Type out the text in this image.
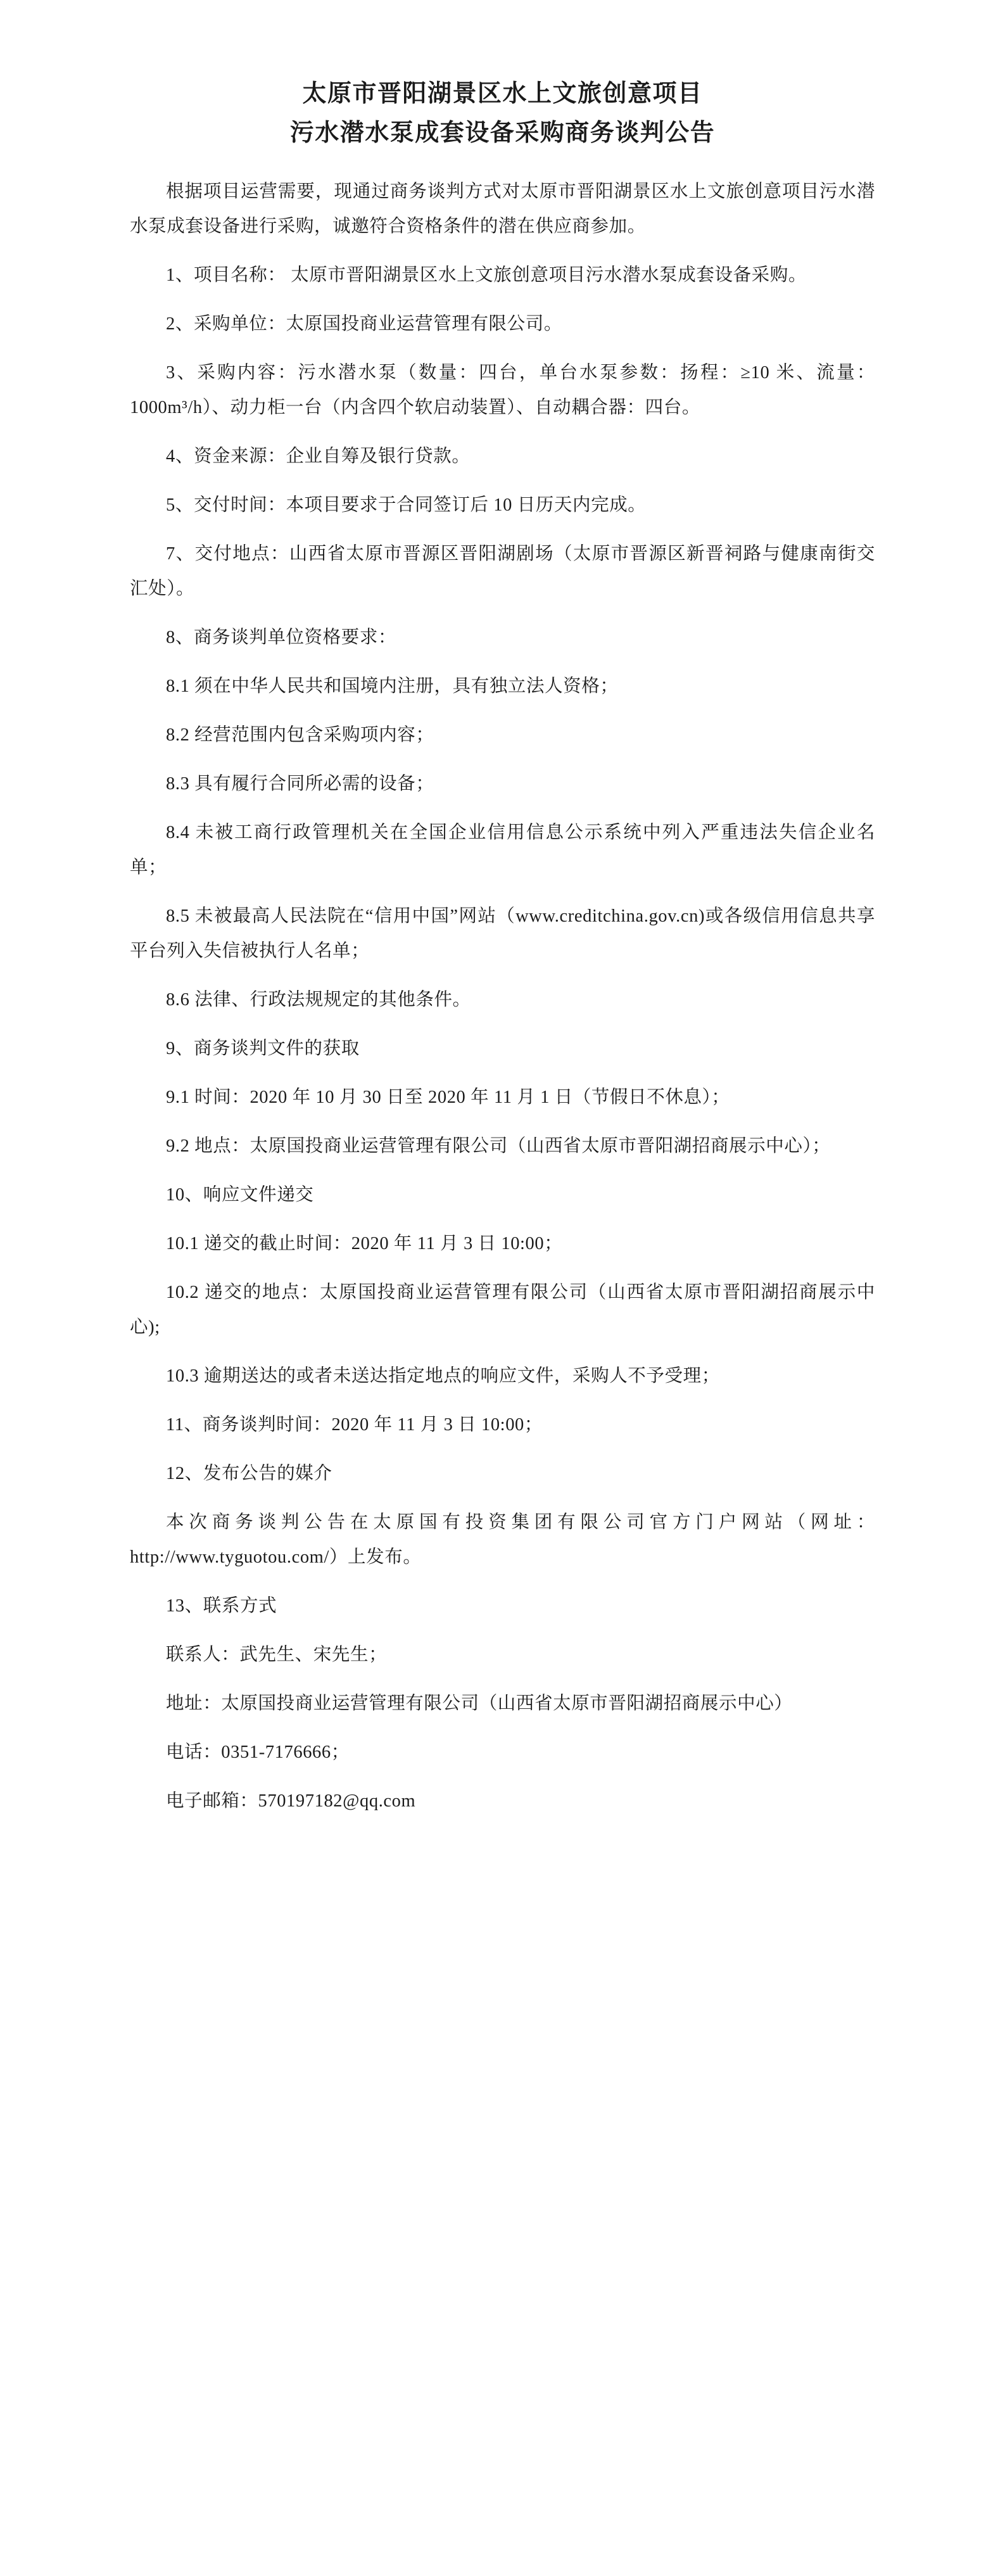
太原市晋阳湖景区水上文旅创意项目
污水潜水泵成套设备采购商务谈判公告

根据项目运营需要，现通过商务谈判方式对太原市晋阳湖景区水上文旅创意项目污水潜水泵成套设备进行采购，诚邀符合资格条件的潜在供应商参加。

1、项目名称： 太原市晋阳湖景区水上文旅创意项目污水潜水泵成套设备采购。

2、采购单位：太原国投商业运营管理有限公司。

3、采购内容：污水潜水泵（数量：四台，单台水泵参数：扬程：≥10 米、流量：1000m³/h）、动力柜一台（内含四个软启动装置）、自动耦合器：四台。

4、资金来源：企业自筹及银行贷款。

5、交付时间：本项目要求于合同签订后 10 日历天内完成。

7、交付地点：山西省太原市晋源区晋阳湖剧场（太原市晋源区新晋祠路与健康南街交汇处）。

8、商务谈判单位资格要求：

8.1 须在中华人民共和国境内注册，具有独立法人资格；

8.2 经营范围内包含采购项内容；

8.3 具有履行合同所必需的设备；

8.4 未被工商行政管理机关在全国企业信用信息公示系统中列入严重违法失信企业名单；

8.5 未被最高人民法院在“信用中国”网站（www.creditchina.gov.cn)或各级信用信息共享平台列入失信被执行人名单；

8.6 法律、行政法规规定的其他条件。

9、商务谈判文件的获取

9.1 时间：2020 年 10 月 30 日至 2020 年 11 月 1 日（节假日不休息）；

9.2 地点：太原国投商业运营管理有限公司（山西省太原市晋阳湖招商展示中心）；

10、响应文件递交

10.1 递交的截止时间：2020 年 11 月 3 日 10:00；

10.2 递交的地点：太原国投商业运营管理有限公司（山西省太原市晋阳湖招商展示中心);

10.3 逾期送达的或者未送达指定地点的响应文件，采购人不予受理；

11、商务谈判时间：2020 年 11 月 3 日 10:00；

12、发布公告的媒介

本次商务谈判公告在太原国有投资集团有限公司官方门户网站（网址：http://www.tyguotou.com/）上发布。

13、联系方式

联系人：武先生、宋先生；

地址：太原国投商业运营管理有限公司（山西省太原市晋阳湖招商展示中心）

电话：0351-7176666；

电子邮箱：570197182@qq.com
